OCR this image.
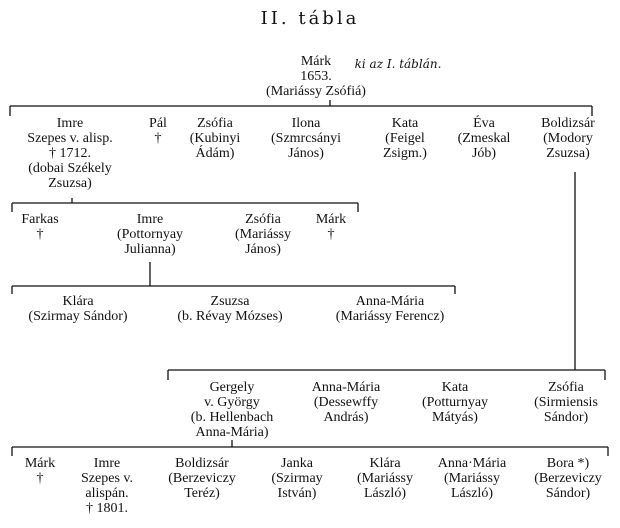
II. tábla
Márk
1653.
(Mariássy Zsófiá)
ki az I. táblán.
Imre
Szepes v. alisp.
† 1712.
(dobai Székely
Zsuzsa)
Pál
†
Zsófia
(Kubinyi
Ádám)
Ilona
(Szmrcsányi
János)
Kata
(Feigel
Zsigm.)
Éva
(Zmeskal
Jób)
Boldizsár
(Modory
Zsuzsa)
Farkas
†
Imre
(Pottornyay
Julianna)
Zsófia
(Mariássy
János)
Márk
†
Klára
(Szirmay Sándor)
Zsuzsa
(b. Révay Mózses)
Anna-Mária
(Mariássy Ferencz)
Gergely
v. György
(b. Hellenbach
Anna-Mária)
Anna-Mária
(Dessewffy
András)
Kata
(Potturnyay
Mátyás)
Zsófia
(Sirmiensis
Sándor)
Márk
†
Imre
Szepes v.
alispán.
† 1801.
Boldizsár
(Berzeviczy
Teréz)
Janka
(Szirmay
István)
Klára
(Mariássy
László)
Anna·Mária
(Mariássy
László)
Bora *)
(Berzeviczy
Sándor)
